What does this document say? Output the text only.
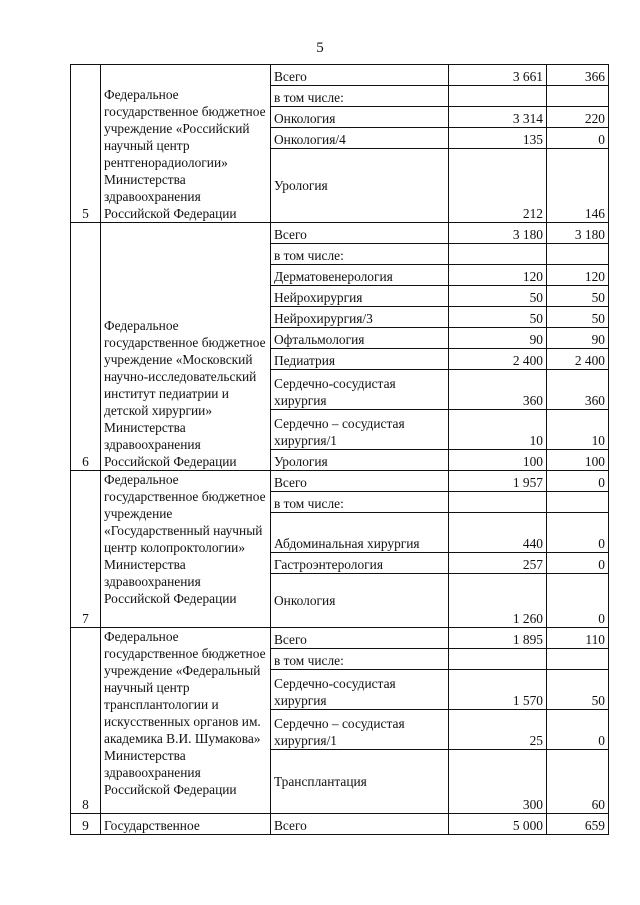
5
5	Федеральное государственное бюджетное учреждение «Российский научный центр рентгенорадиологии» Министерства здравоохранения Российской Федерации	Всего	3 661	366
		в том числе:		
		Онкология	3 314	220
		Онкология/4	135	0
		Урология	212	146
6	Федеральное государственное бюджетное учреждение «Московский научно-исследовательский институт педиатрии и детской хирургии» Министерства здравоохранения Российской Федерации	Всего	3 180	3 180
		в том числе:		
		Дерматовенерология	120	120
		Нейрохирургия	50	50
		Нейрохирургия/3	50	50
		Офтальмология	90	90
		Педиатрия	2 400	2 400
		Сердечно-сосудистая хирургия	360	360
		Сердечно – сосудистая хирургия/1	10	10
		Урология	100	100
7	Федеральное государственное бюджетное учреждение «Государственный научный центр колопроктологии» Министерства здравоохранения Российской Федерации	Всего	1 957	0
		в том числе:		
		Абдоминальная хирургия	440	0
		Гастроэнтерология	257	0
		Онкология	1 260	0
8	Федеральное государственное бюджетное учреждение «Федеральный научный центр трансплантологии и искусственных органов им. академика В.И. Шумакова» Министерства здравоохранения Российской Федерации	Всего	1 895	110
		в том числе:		
		Сердечно-сосудистая хирургия	1 570	50
		Сердечно – сосудистая хирургия/1	25	0
		Трансплантация	300	60
9	Государственное	Всего	5 000	659
